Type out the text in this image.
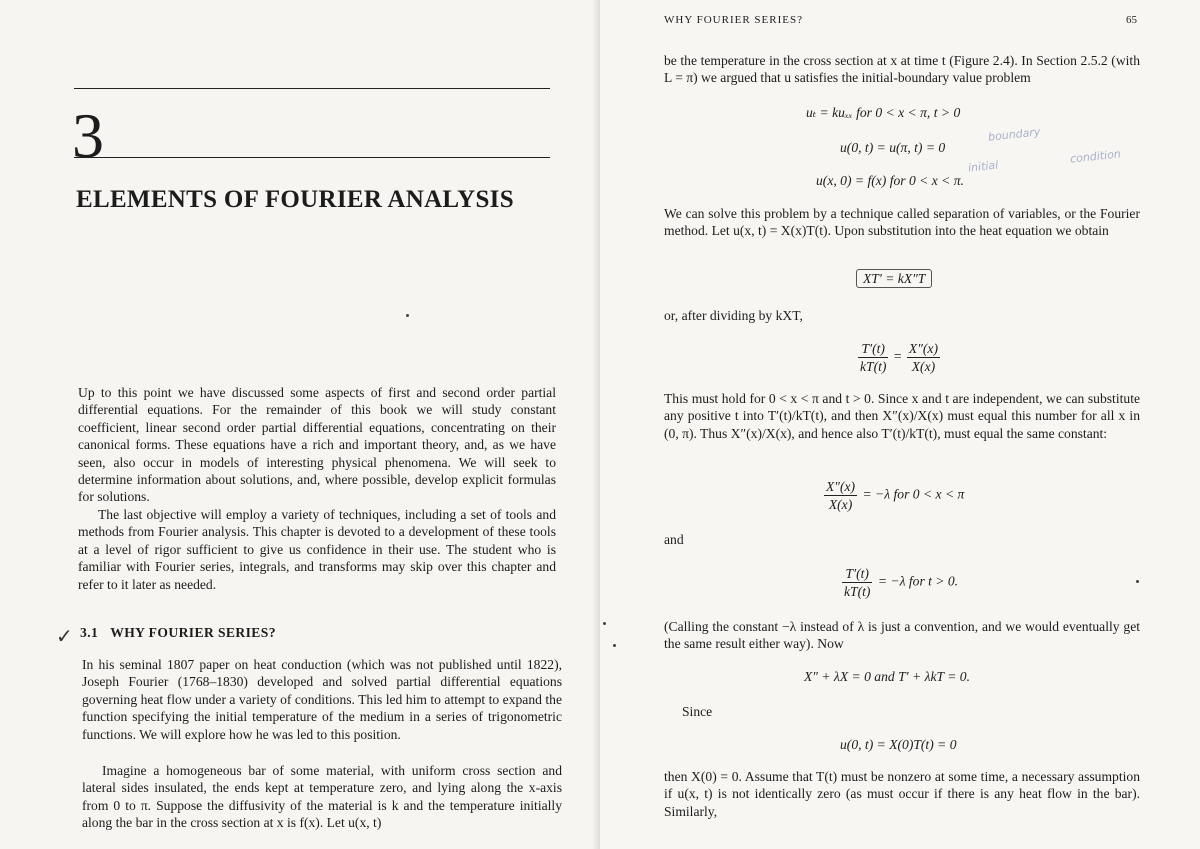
3
ELEMENTS OF FOURIER ANALYSIS

Up to this point we have discussed some aspects of first and second order partial differential equations. For the remainder of this book we will study constant coefficient, linear second order partial differential equations, concentrating on their canonical forms. These equations have a rich and important theory, and, as we have seen, also occur in models of interesting physical phenomena. We will seek to determine information about solutions, and, where possible, develop explicit formulas for solutions.

The last objective will employ a variety of techniques, including a set of tools and methods from Fourier analysis. This chapter is devoted to a development of these tools at a level of rigor sufficient to give us confidence in their use. The student who is familiar with Fourier series, integrals, and transforms may skip over this chapter and refer to it later as needed.

✓ 3.1 WHY FOURIER SERIES?

In his seminal 1807 paper on heat conduction (which was not published until 1822), Joseph Fourier (1768–1830) developed and solved partial differential equations governing heat flow under a variety of conditions. This led him to attempt to expand the function specifying the initial temperature of the medium in a series of trigonometric functions. We will explore how he was led to this position.

Imagine a homogeneous bar of some material, with uniform cross section and lateral sides insulated, the ends kept at temperature zero, and lying along the x-axis from 0 to π. Suppose the diffusivity of the material is k and the temperature initially along the bar in the cross section at x is f(x). Let u(x, t)

WHY FOURIER SERIES?	65

be the temperature in the cross section at x at time t (Figure 2.4). In Section 2.5.2 (with L = π) we argued that u satisfies the initial-boundary value problem

uₜ = kuₓₓ for 0 < x < π, t > 0
u(0, t) = u(π, t) = 0
u(x, 0) = f(x) for 0 < x < π.

We can solve this problem by a technique called separation of variables, or the Fourier method. Let u(x, t) = X(x)T(t). Upon substitution into the heat equation we obtain

XT′ = kX″T
or, after dividing by kXT,
$\frac{T'(t)}{kT(t)} = \frac{X''(x)}{X(x)}$

This must hold for 0 < x < π and t > 0. Since x and t are independent, we can substitute any positive t into T′(t)/kT(t), and then X″(x)/X(x) must equal this number for all x in (0, π). Thus X″(x)/X(x), and hence also T′(t)/kT(t), must equal the same constant:

$\frac{X''(x)}{X(x)} = -\lambda$ for 0 < x < π
and
$\frac{T'(t)}{kT(t)} = -\lambda$ for t > 0.

(Calling the constant −λ instead of λ is just a convention, and we would eventually get the same result either way). Now

X″ + λX = 0 and T′ + λkT = 0.
Since
u(0, t) = X(0)T(t) = 0

then X(0) = 0. Assume that T(t) must be nonzero at some time, a necessary assumption if u(x, t) is not identically zero (as must occur if there is any heat flow in the bar). Similarly,

boundary
initial
condition
